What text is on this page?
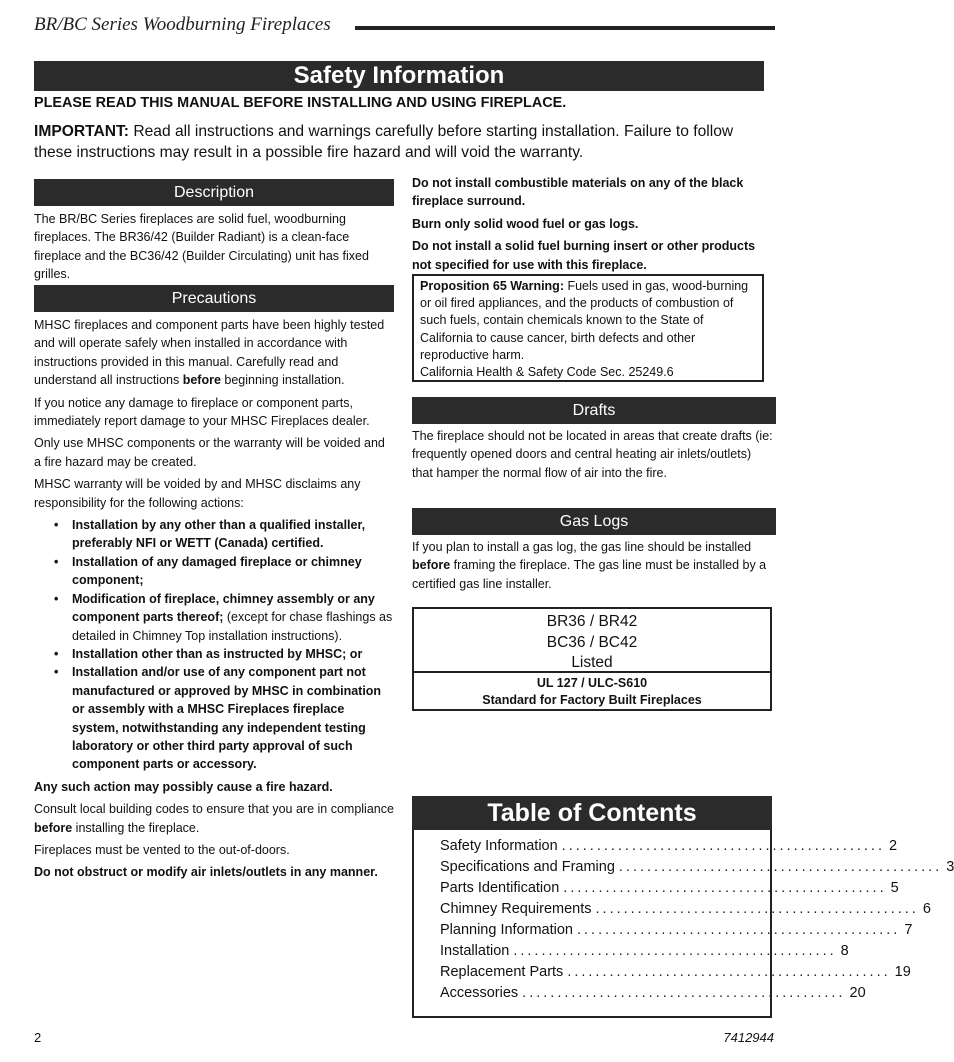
BR/BC Series Woodburning Fireplaces
Safety Information
PLEASE READ THIS MANUAL BEFORE INSTALLING AND USING FIREPLACE.
IMPORTANT: Read all instructions and warnings carefully before starting installation. Failure to follow these instructions may result in a possible fire hazard and will void the warranty.
Description

The BR/BC Series fireplaces are solid fuel, woodburning fireplaces. The BR36/42 (Builder Radiant) is a clean-face fireplace and the BC36/42 (Builder Circulating) unit has fixed grilles.

Precautions

MHSC fireplaces and component parts have been highly tested and will operate safely when installed in accordance with instructions provided in this manual. Carefully read and understand all instructions before beginning installation.

If you notice any damage to fireplace or component parts, immediately report damage to your MHSC Fireplaces dealer.

Only use MHSC components or the warranty will be voided and a fire hazard may be created.

MHSC warranty will be voided by and MHSC disclaims any responsibility for the following actions:

• Installation by any other than a qualified installer, preferably NFI or WETT (Canada) certified.
• Installation of any damaged fireplace or chimney component;
• Modification of fireplace, chimney assembly or any component parts thereof; (except for chase flashings as detailed in Chimney Top installation instructions).
• Installation other than as instructed by MHSC; or
• Installation and/or use of any component part not manufactured or approved by MHSC in combination or assembly with a MHSC Fireplaces fireplace system, notwithstanding any independent testing laboratory or other third party approval of such component parts or accessory.

Any such action may possibly cause a fire hazard.

Consult local building codes to ensure that you are in compliance before installing the fireplace.

Fireplaces must be vented to the out-of-doors.

Do not obstruct or modify air inlets/outlets in any manner.

Do not install combustible materials on any of the black fireplace surround.

Burn only solid wood fuel or gas logs.

Do not install a solid fuel burning insert or other products not specified for use with this fireplace.

Proposition 65 Warning: Fuels used in gas, wood-burning or oil fired appliances, and the products of combustion of such fuels, contain chemicals known to the State of California to cause cancer, birth defects and other reproductive harm.
California Health & Safety Code Sec. 25249.6
Drafts

The fireplace should not be located in areas that create drafts (ie: frequently opened doors and central heating air inlets/outlets) that hamper the normal flow of air into the fire.

Gas Logs

If you plan to install a gas log, the gas line should be installed before framing the fireplace. The gas line must be installed by a certified gas line installer.

BR36 / BR42
BC36 / BC42
Listed
UL 127 / ULC-S610
Standard for Factory Built Fireplaces
Table of Contents
Safety Information .............................................. 2
Specifications and Framing .............................................. 3
Parts Identification .............................................. 5
Chimney Requirements .............................................. 6
Planning Information .............................................. 7
Installation .............................................. 8
Replacement Parts .............................................. 19
Accessories .............................................. 20
2	7412944
